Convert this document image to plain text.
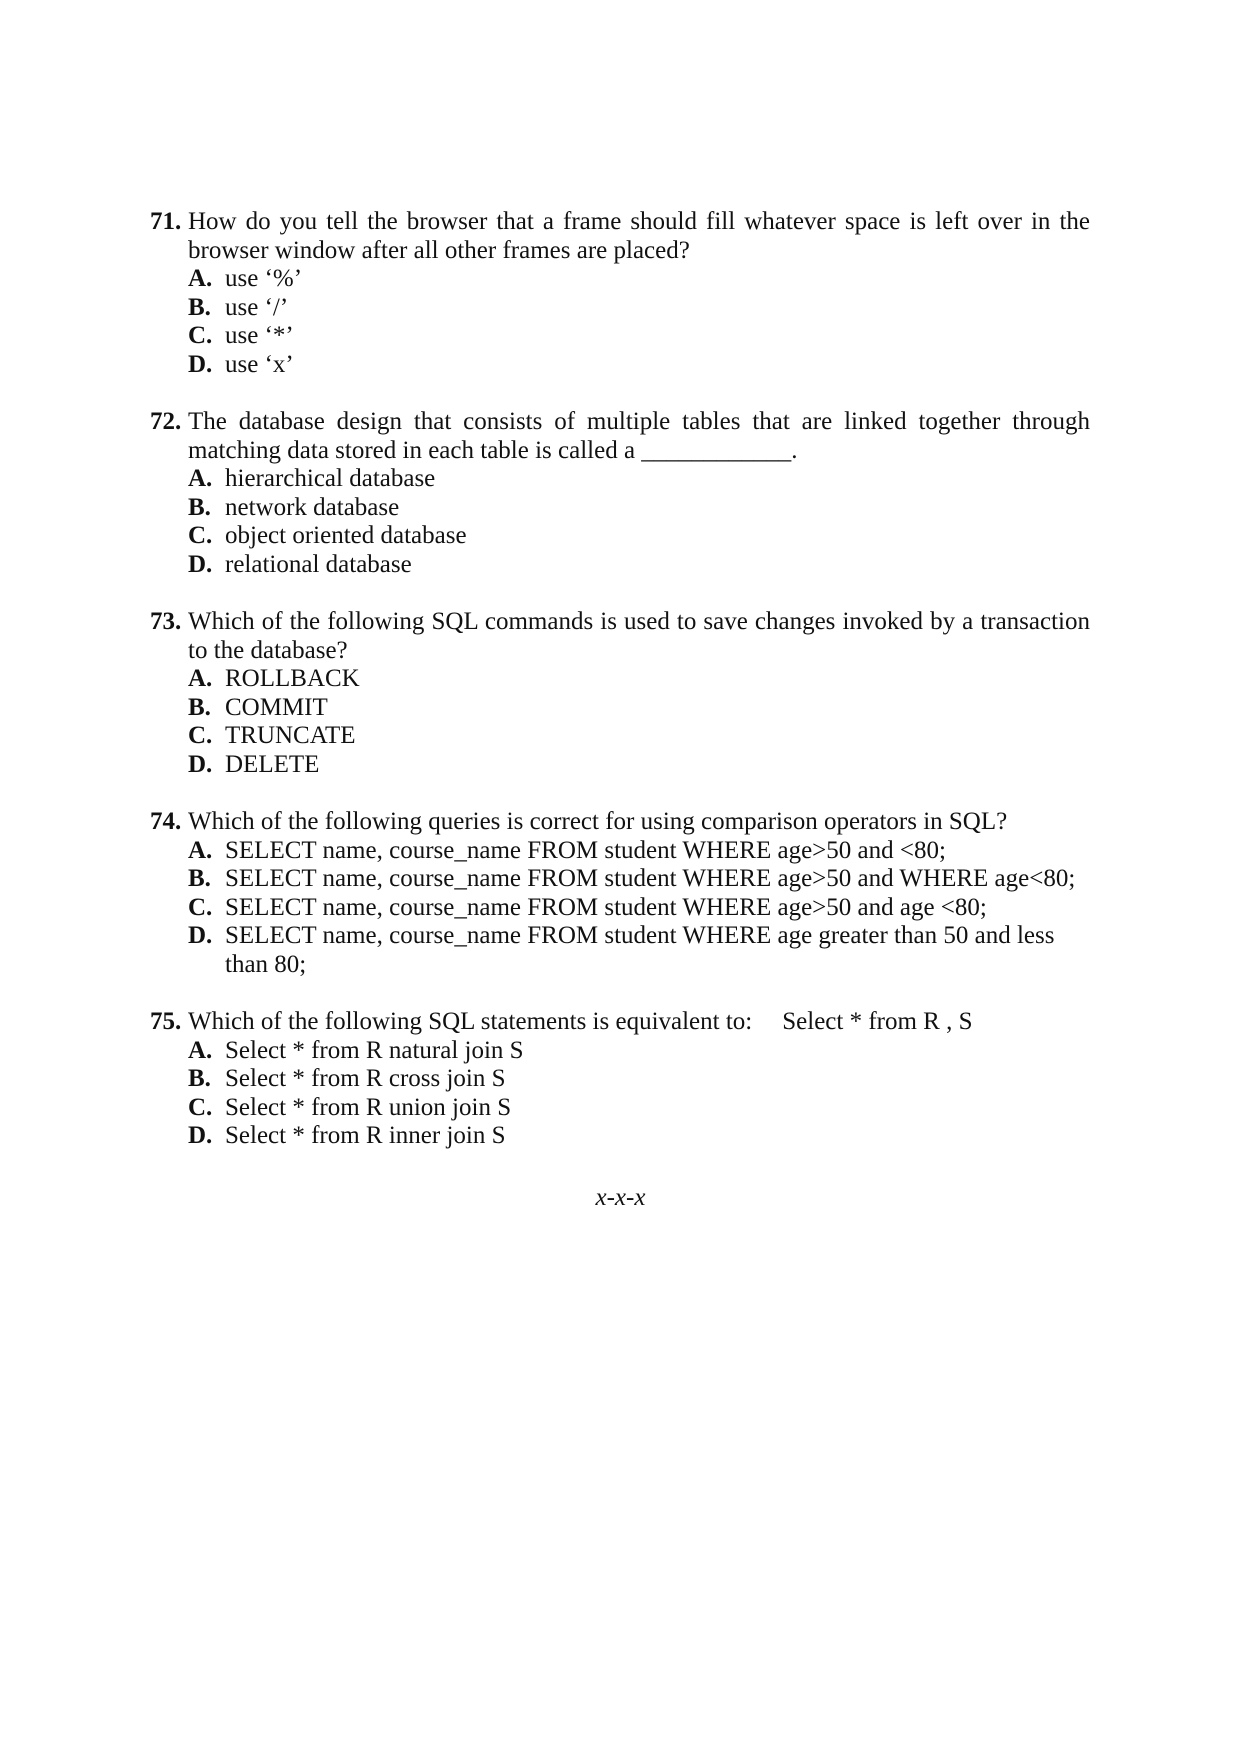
71. How do you tell the browser that a frame should fill whatever space is left over in the browser window after all other frames are placed?
A. use ‘%’
B. use ‘/’
C. use ‘*’
D. use ‘x’
72. The database design that consists of multiple tables that are linked together through matching data stored in each table is called a ____________.
A. hierarchical database
B. network database
C. object oriented database
D. relational database
73. Which of the following SQL commands is used to save changes invoked by a transaction to the database?
A. ROLLBACK
B. COMMIT
C. TRUNCATE
D. DELETE
74. Which of the following queries is correct for using comparison operators in SQL?
A. SELECT name, course_name FROM student WHERE age>50 and <80;
B. SELECT name, course_name FROM student WHERE age>50 and WHERE age<80;
C. SELECT name, course_name FROM student WHERE age>50 and age <80;
D. SELECT name, course_name FROM student WHERE age greater than 50 and less than 80;
75. Which of the following SQL statements is equivalent to: Select * from R , S
A. Select * from R natural join S
B. Select * from R cross join S
C. Select * from R union join S
D. Select * from R inner join S
x-x-x
